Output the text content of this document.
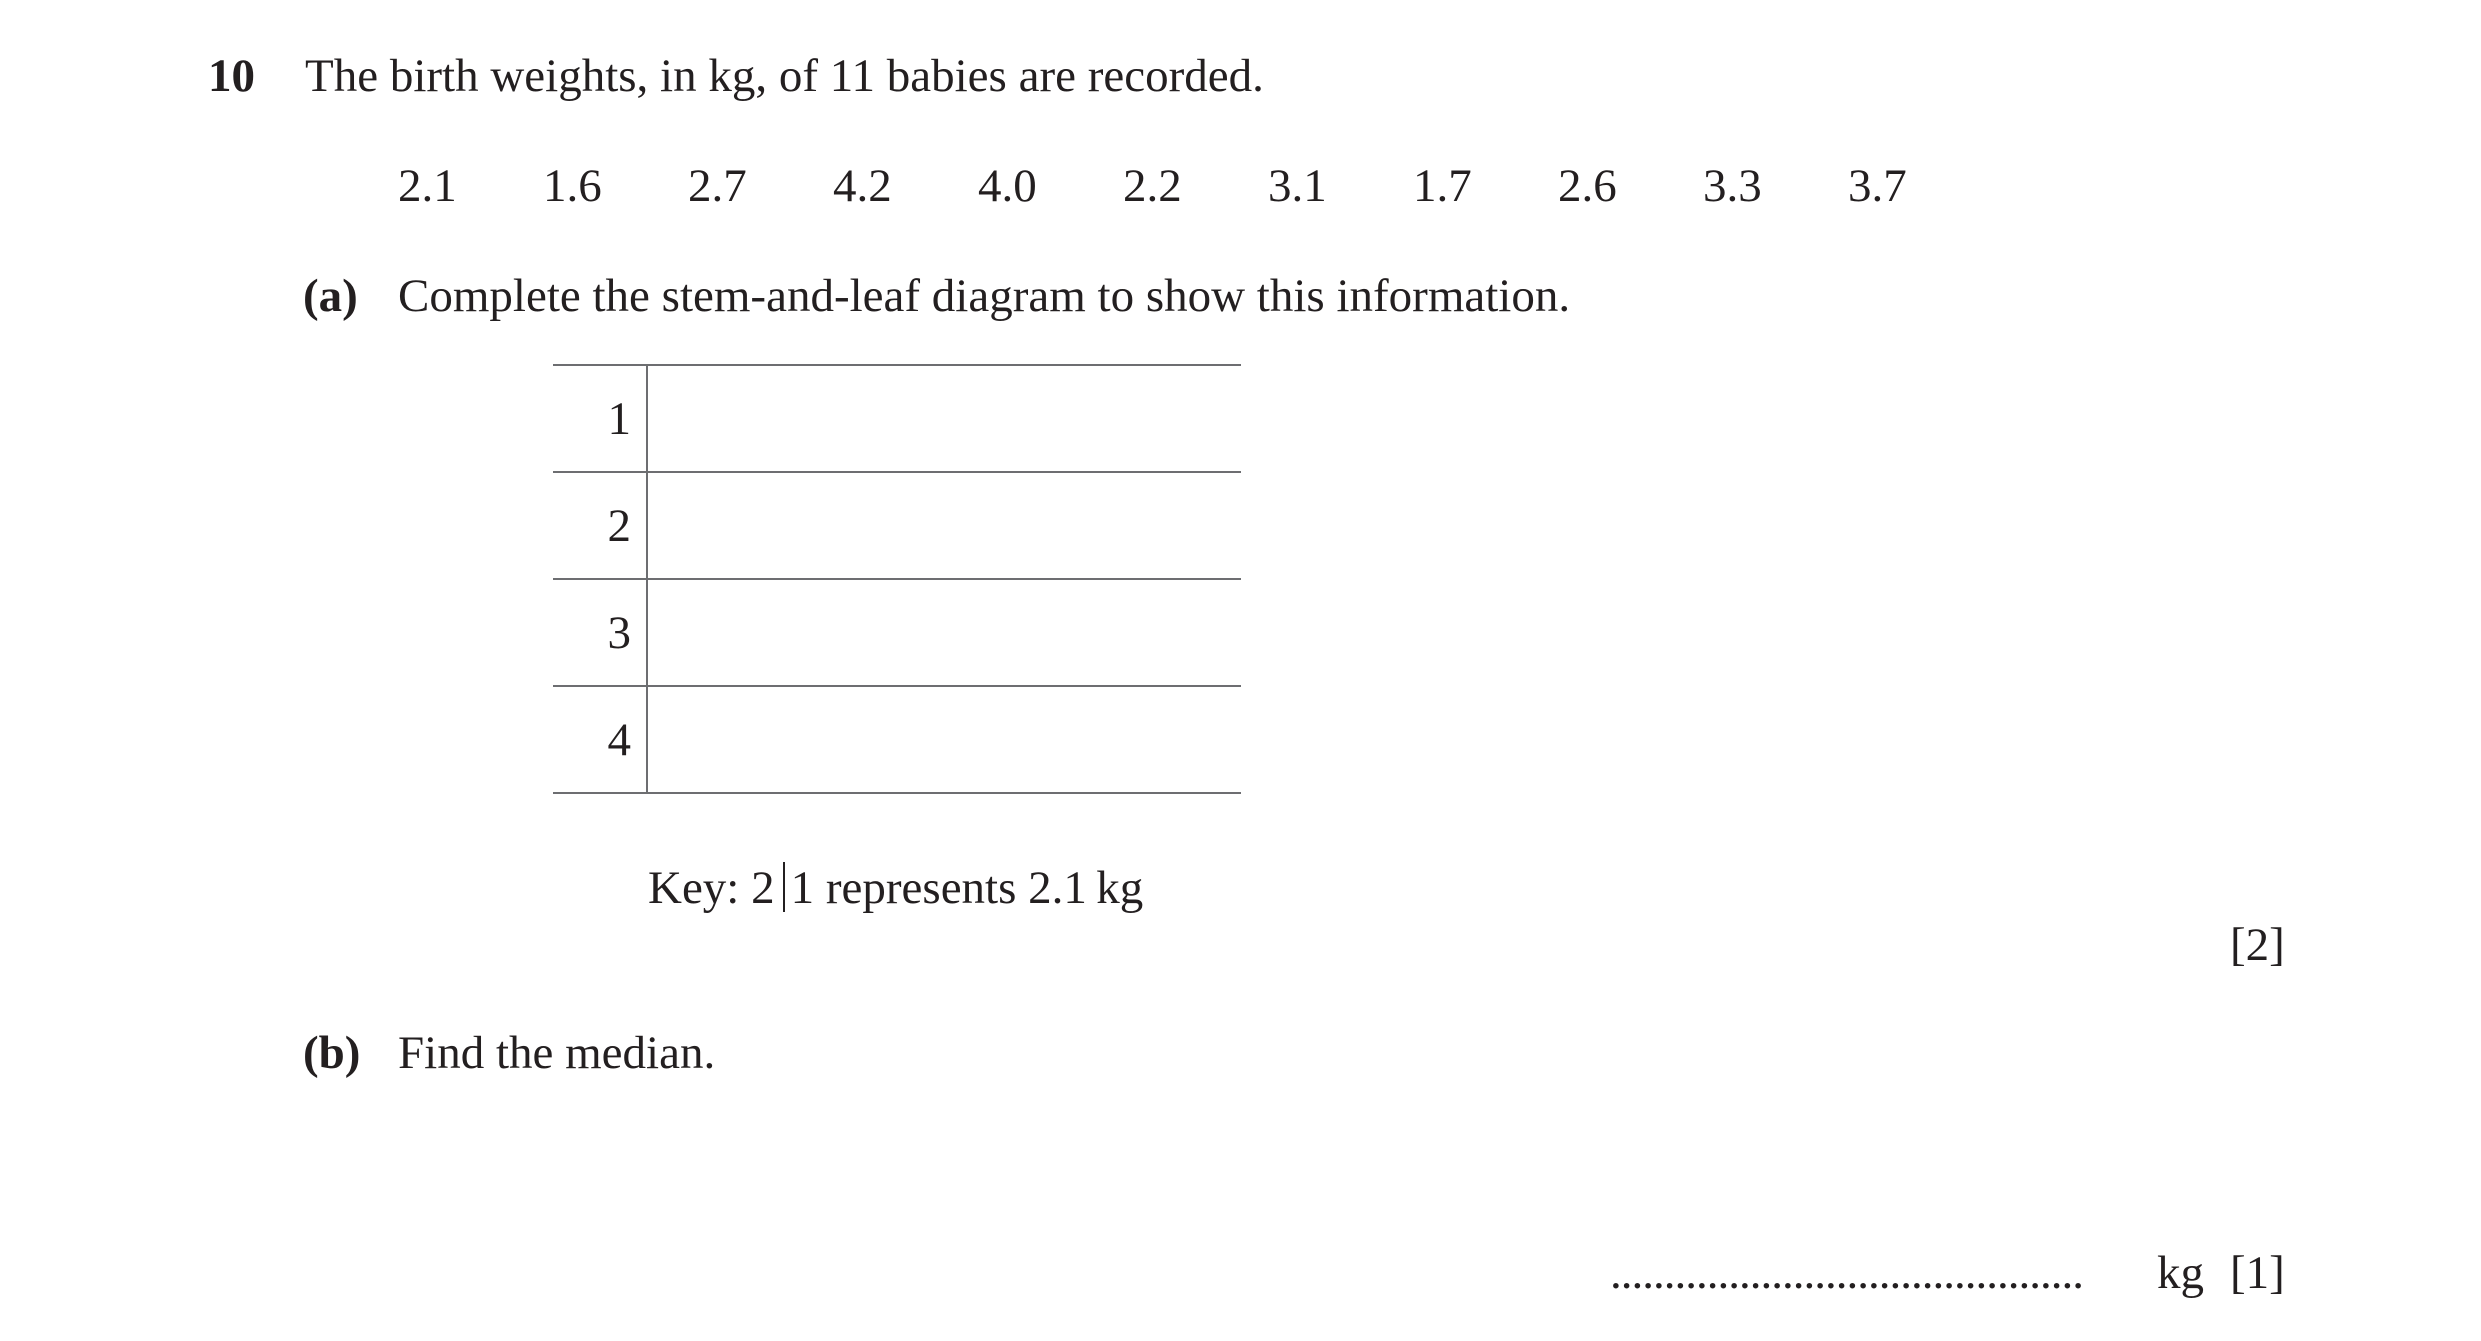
10 The birth weights, in kg, of 11 babies are recorded.
2.1 1.6 2.7 4.2 4.0 2.2 3.1 1.7 2.6 3.3 3.7
(a) Complete the stem-and-leaf diagram to show this information.
1
2
3
4
Key: 2 1 represents 2.1 kg
[2]
(b) Find the median.
............................................ kg [1]
